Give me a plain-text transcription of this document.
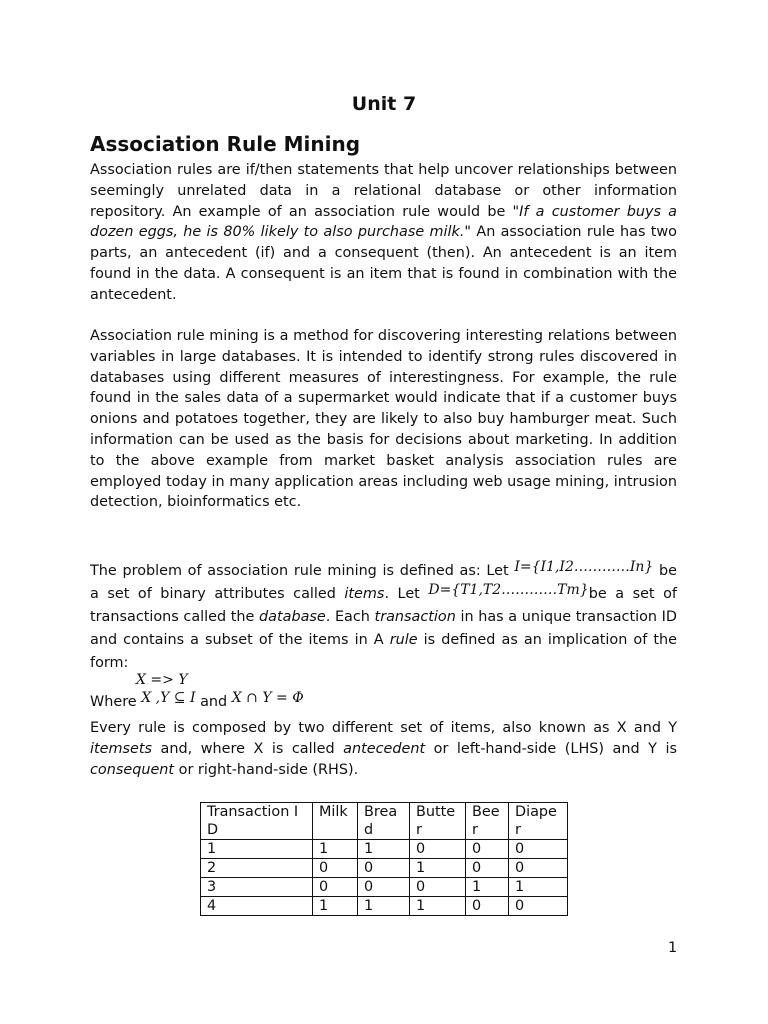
Unit 7
Association Rule Mining

Association rules are if/then statements that help uncover relationships between seemingly unrelated data in a relational database or other information repository. An example of an association rule would be "If a customer buys a dozen eggs, he is 80% likely to also purchase milk." An association rule has two parts, an antecedent (if) and a consequent (then). An antecedent is an item found in the data. A consequent is an item that is found in combination with the antecedent.

Association rule mining is a method for discovering interesting relations between variables in large databases. It is intended to identify strong rules discovered in databases using different measures of interestingness. For example, the rule found in the sales data of a supermarket would indicate that if a customer buys onions and potatoes together, they are likely to also buy hamburger meat. Such information can be used as the basis for decisions about marketing. In addition to the above example from market basket analysis association rules are employed today in many application areas including web usage mining, intrusion detection, bioinformatics etc.

The problem of association rule mining is defined as: Let I={I1,I2…………In} be a set of binary attributes called items. Let D={T1,T2…………Tm}be a set of transactions called the database. Each transaction in has a unique transaction ID and contains a subset of the items in A rule is defined as an implication of the form:

X => Y
Where X ,Y ⊆ I and X ∩ Y = Φ

Every rule is composed by two different set of items, also known as X and Y itemsets and, where X is called antecedent or left-hand-side (LHS) and Y is consequent or right-hand-side (RHS).

Transaction ID	Milk	Bread	Butter	Beer	Diaper
1	1	1	0	0	0
2	0	0	1	0	0
3	0	0	0	1	1
4	1	1	1	0	0
1
